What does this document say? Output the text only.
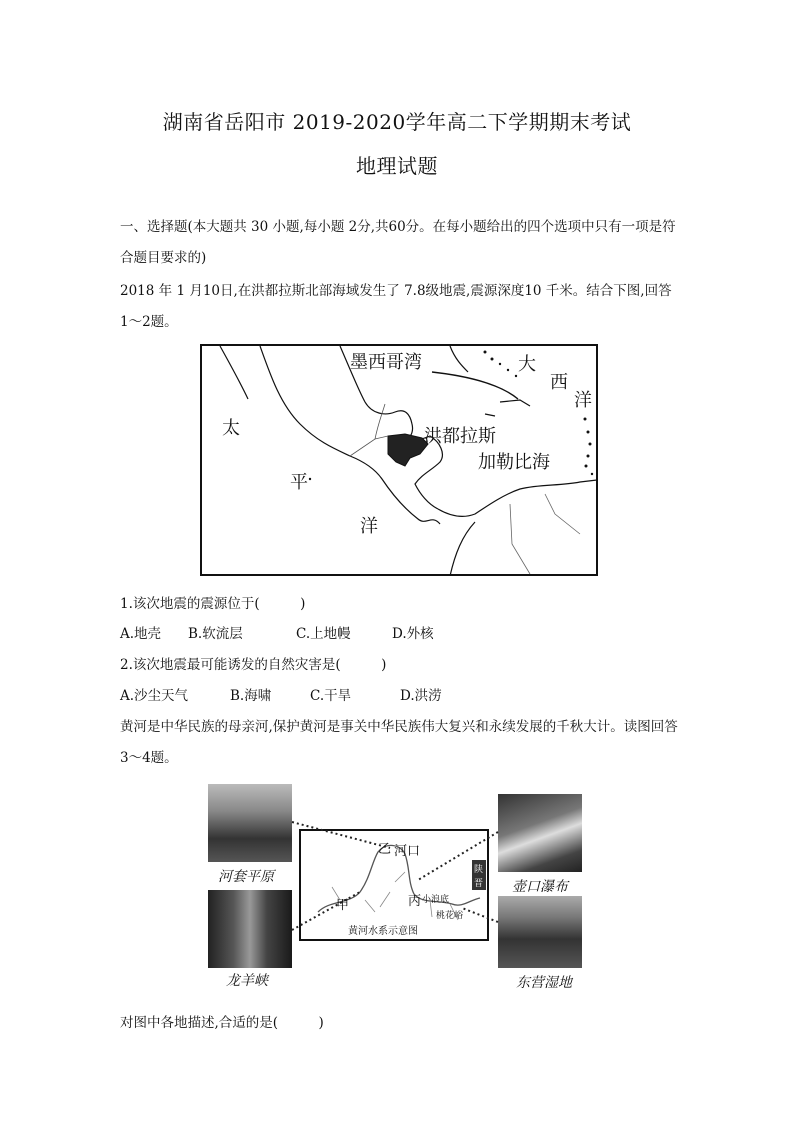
湖南省岳阳市 2019-2020学年高二下学期期末考试
地理试题
一、选择题(本大题共 30 小题,每小题 2分,共60分。在每小题给出的四个选项中只有一项是符合题目要求的)
2018 年 1 月10日,在洪都拉斯北部海域发生了 7.8级地震,震源深度10 千米。结合下图,回答 1～2题。
墨西哥湾	大
西
洋
太	洪都拉斯
加勒比海
平
洋
1.该次地震的震源位于(　　　)
A.地壳 B.软流层	C.上地幔	D.外核
2.该次地震最可能诱发的自然灾害是(　　　)
A.沙尘天气	B.海啸	C.干旱	D.洪涝
黄河是中华民族的母亲河,保护黄河是事关中华民族伟大复兴和永续发展的千秋大计。读图回答 3～4题。
河套平原
龙羊峡
壶口瀑布
东营湿地
乙 河口
甲	丙 小浪底
桃花峪
陕
晋
黄河水系示意图
对图中各地描述,合适的是(　　　)
